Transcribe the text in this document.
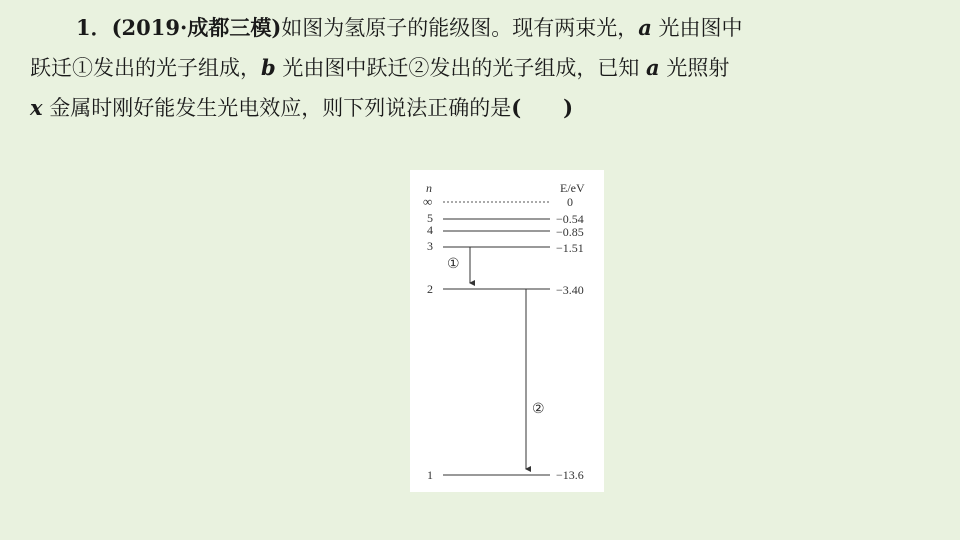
1．(2019·成都三模)如图为氢原子的能级图。现有两束光，a 光由图中
跃迁①发出的光子组成，b 光由图中跃迁②发出的光子组成，已知 a 光照射
x 金属时刚好能发生光电效应，则下列说法正确的是(　　)
n	E/eV
∞	0
5	−0.54
4	−0.85
3	−1.51
2	−3.40
1	−13.6
①
②
